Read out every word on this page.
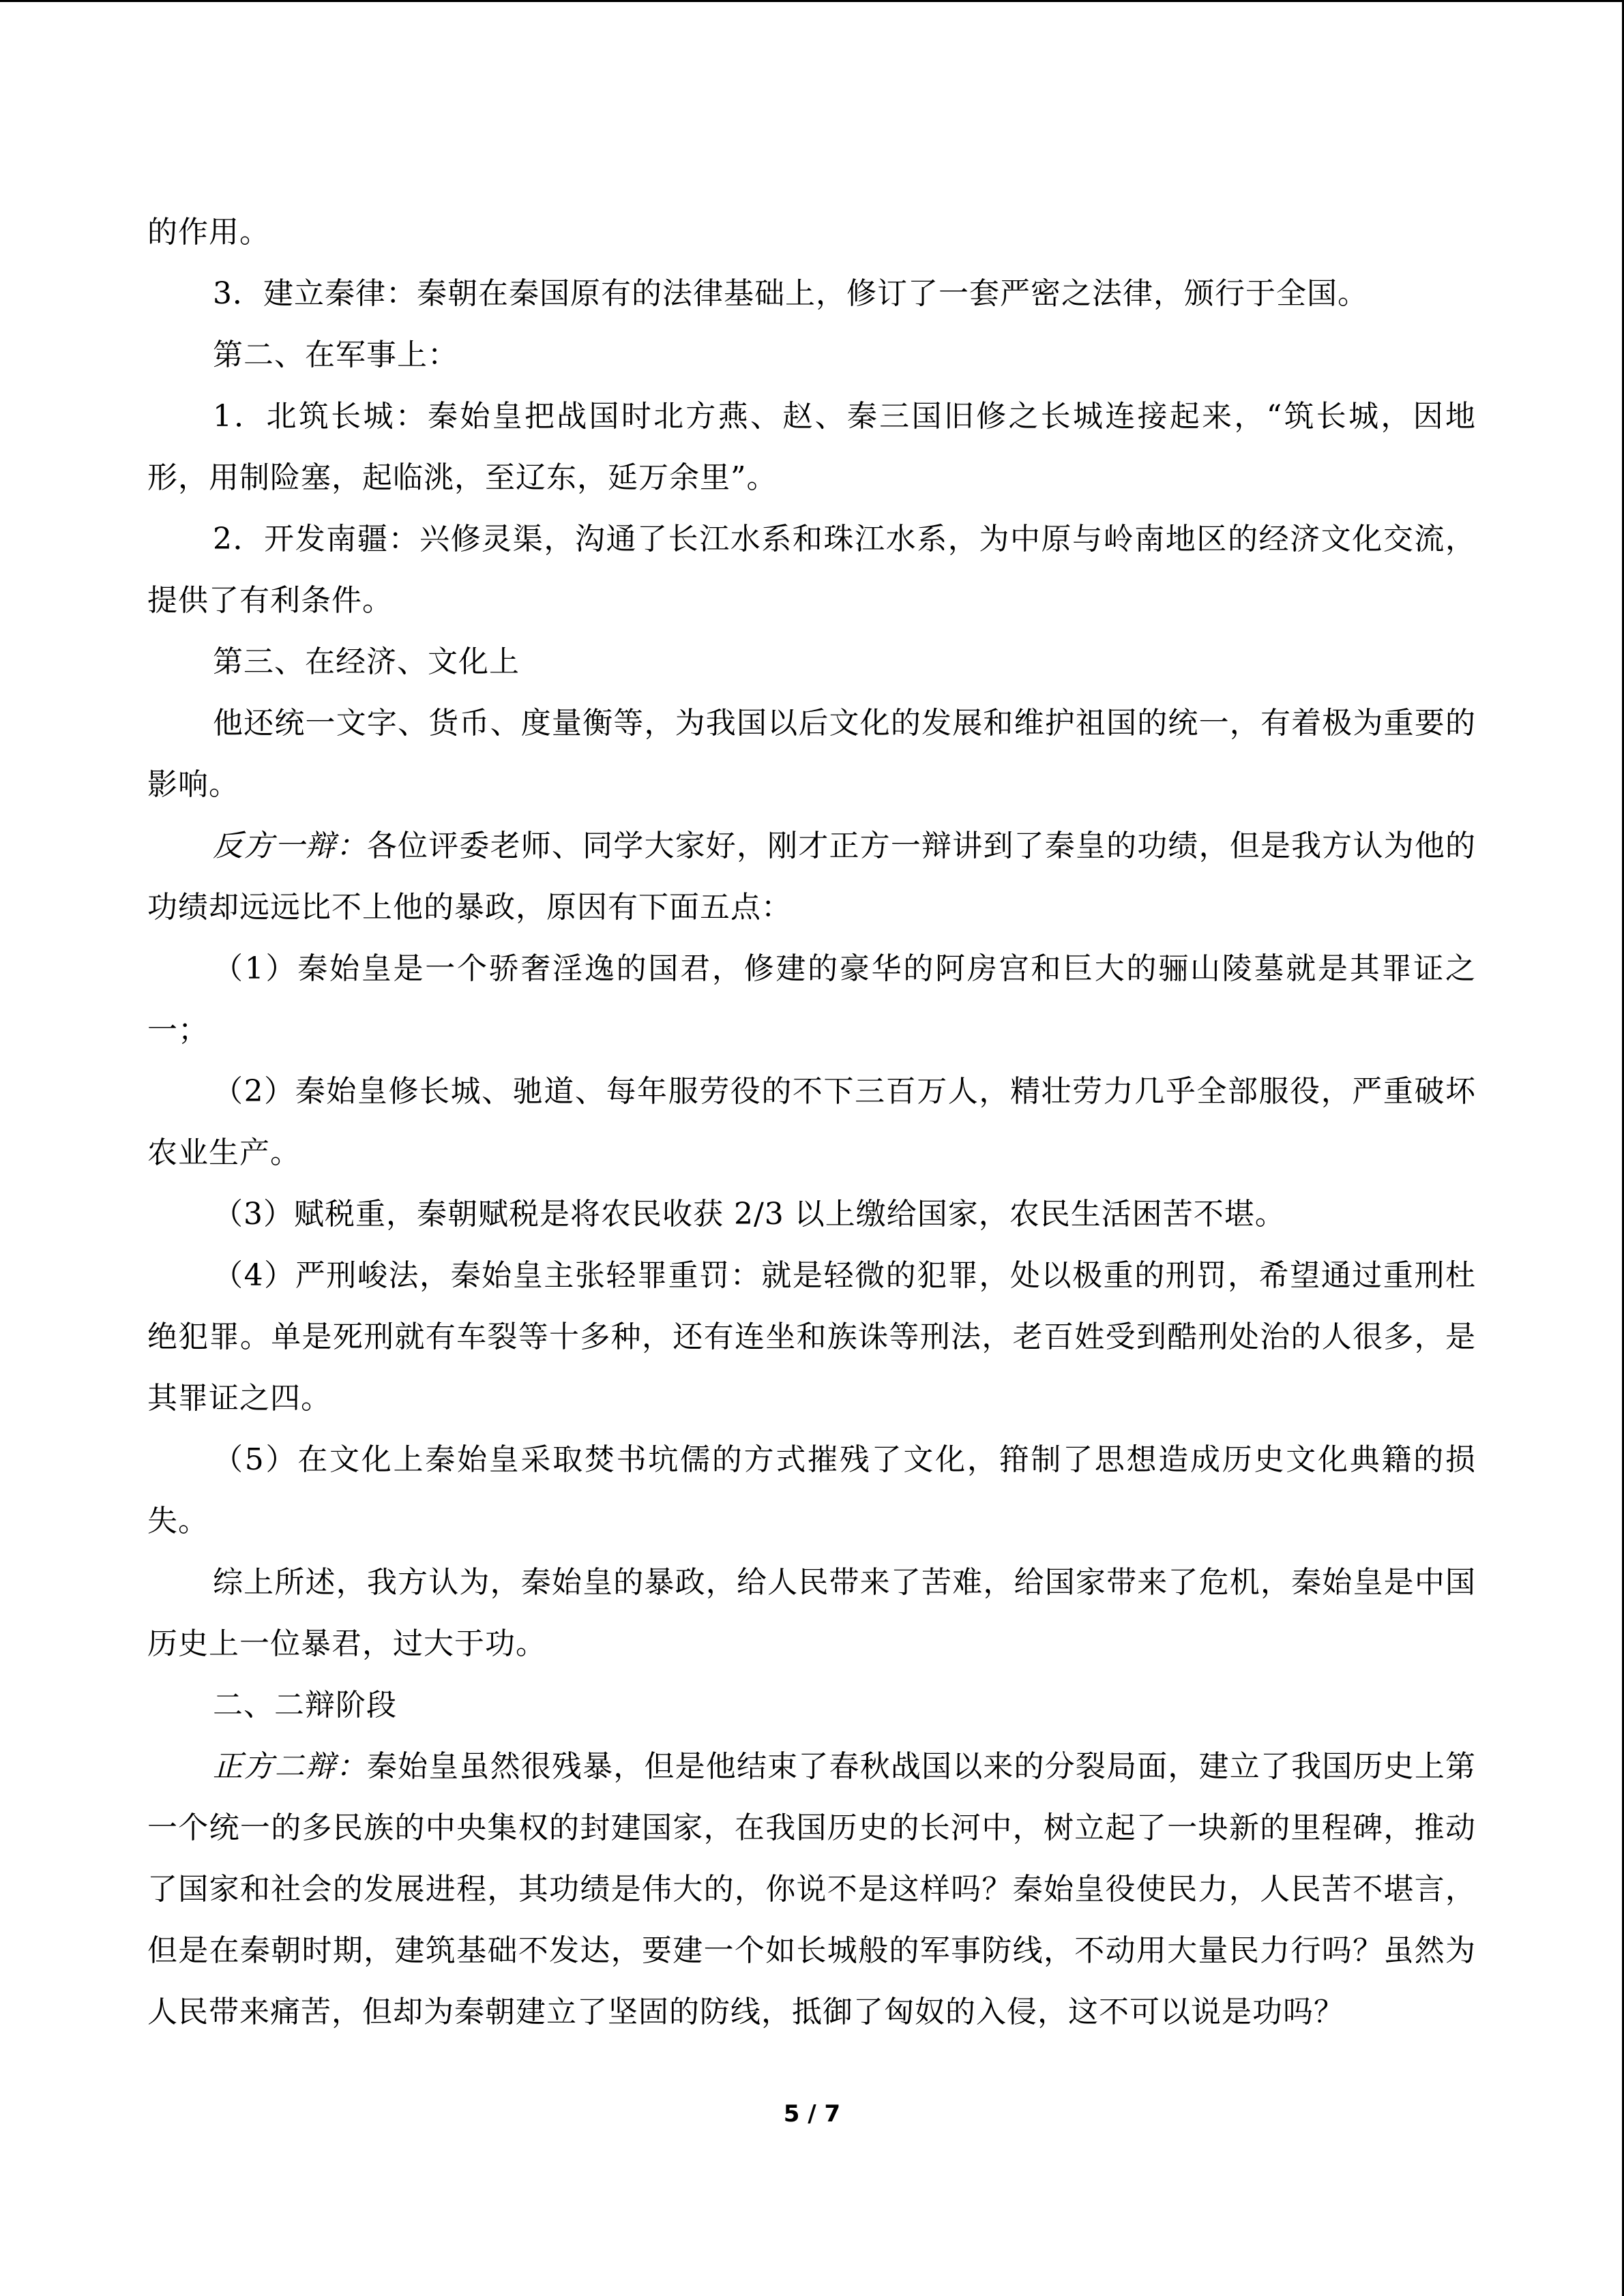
的作用。

3．建立秦律：秦朝在秦国原有的法律基础上，修订了一套严密之法律，颁行于全国。

第二、在军事上：

1．北筑长城：秦始皇把战国时北方燕、赵、秦三国旧修之长城连接起来，“筑长城，因地形，用制险塞，起临洮，至辽东，延万余里”。

2．开发南疆：兴修灵渠，沟通了长江水系和珠江水系，为中原与岭南地区的经济文化交流，提供了有利条件。

第三、在经济、文化上

他还统一文字、货币、度量衡等，为我国以后文化的发展和维护祖国的统一，有着极为重要的影响。

反方一辩：各位评委老师、同学大家好，刚才正方一辩讲到了秦皇的功绩，但是我方认为他的功绩却远远比不上他的暴政，原因有下面五点：

（1）秦始皇是一个骄奢淫逸的国君，修建的豪华的阿房宫和巨大的骊山陵墓就是其罪证之一；

（2）秦始皇修长城、驰道、每年服劳役的不下三百万人，精壮劳力几乎全部服役，严重破坏农业生产。

（3）赋税重，秦朝赋税是将农民收获 2/3 以上缴给国家，农民生活困苦不堪。

（4）严刑峻法，秦始皇主张轻罪重罚：就是轻微的犯罪，处以极重的刑罚，希望通过重刑杜绝犯罪。单是死刑就有车裂等十多种，还有连坐和族诛等刑法，老百姓受到酷刑处治的人很多，是其罪证之四。

（5）在文化上秦始皇采取焚书坑儒的方式摧残了文化，箝制了思想造成历史文化典籍的损失。

综上所述，我方认为，秦始皇的暴政，给人民带来了苦难，给国家带来了危机，秦始皇是中国历史上一位暴君，过大于功。

二、二辩阶段

正方二辩：秦始皇虽然很残暴，但是他结束了春秋战国以来的分裂局面，建立了我国历史上第一个统一的多民族的中央集权的封建国家，在我国历史的长河中，树立起了一块新的里程碑，推动了国家和社会的发展进程，其功绩是伟大的，你说不是这样吗？秦始皇役使民力，人民苦不堪言，但是在秦朝时期，建筑基础不发达，要建一个如长城般的军事防线，不动用大量民力行吗？虽然为人民带来痛苦，但却为秦朝建立了坚固的防线，抵御了匈奴的入侵，这不可以说是功吗？

5 / 7
